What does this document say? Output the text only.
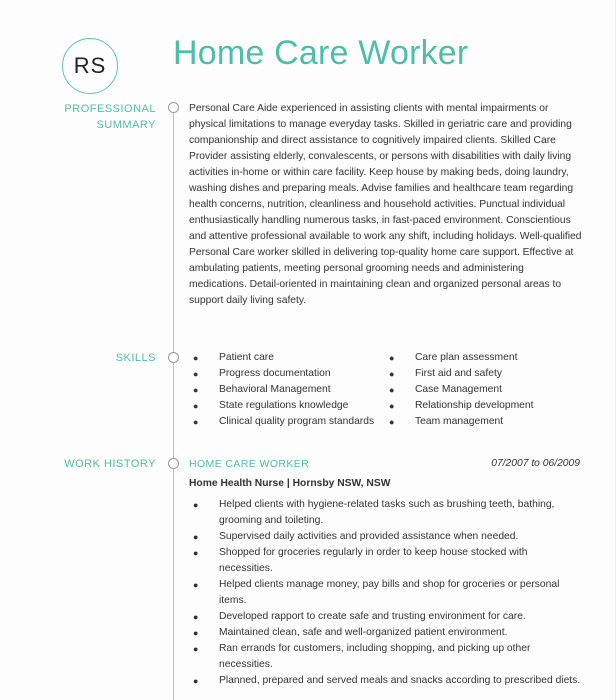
RS Home Care Worker
PROFESSIONAL
SUMMARY
Personal Care Aide experienced in assisting clients with mental impairments or physical limitations to manage everyday tasks. Skilled in geriatric care and providing companionship and direct assistance to cognitively impaired clients. Skilled Care Provider assisting elderly, convalescents, or persons with disabilities with daily living activities in-home or within care facility. Keep house by making beds, doing laundry, washing dishes and preparing meals. Advise families and healthcare team regarding health concerns, nutrition, cleanliness and household activities. Punctual individual enthusiastically handling numerous tasks, in fast-paced environment. Conscientious and attentive professional available to work any shift, including holidays. Well-qualified Personal Care worker skilled in delivering top-quality home care support. Effective at ambulating patients, meeting personal grooming needs and administering medications. Detail-oriented in maintaining clean and organized personal areas to support daily living safety.
SKILLS	●	Patient care	●	Care plan assessment
●	Progress documentation	●	First aid and safety
●	Behavioral Management	●	Case Management
●	State regulations knowledge	●	Relationship development
●	Clinical quality program standards	●	Team management
WORK HISTORY	HOME CARE WORKER	07/2007 to 06/2009
Home Health Nurse | Hornsby NSW, NSW
●	Helped clients with hygiene-related tasks such as brushing teeth, bathing, grooming and toileting.
●	Supervised daily activities and provided assistance when needed.
●	Shopped for groceries regularly in order to keep house stocked with necessities.
●	Helped clients manage money, pay bills and shop for groceries or personal items.
●	Developed rapport to create safe and trusting environment for care.
●	Maintained clean, safe and well-organized patient environment.
●	Ran errands for customers, including shopping, and picking up other necessities.
●	Planned, prepared and served meals and snacks according to prescribed diets.
